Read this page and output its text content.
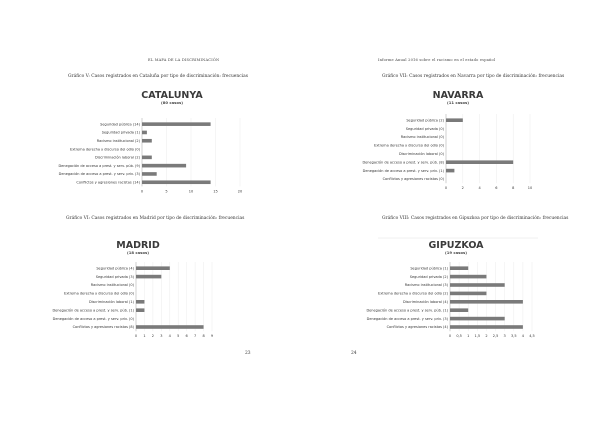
EL MAPA DE LA DISCRIMINACIÓN	Informe Anual 2016 sobre el racismo en el estado español
Gráfico V: Casos registrados en Cataluña por tipo de discriminación: frecuencias	Gráfico VII: Casos registrados en Navarra por tipo de discriminación: frecuencias
Gráfico VI: Casos registrados en Madrid por tipo de discriminación: frecuencias	Gráfico VIII: Casos registrados en Gipuzkoa por tipo de discriminación: frecuencias
CATALUNYA
(80 casos)
0	5	10	15	20
Seguridad pública (14)
Seguridad privada (1)
Racismo institucional (2)
Extrema derecha y discurso del odio (0)
Discriminación laboral (2)
Denegación de acceso a prest. y serv. púb. (9)
Denegación de acceso a prest. y serv. priv. (3)
Conflictos y agresiones racistas (14)
NAVARRA
(11 casos)
0	2	4	6	8	10
Seguridad pública (2)
Seguridad privada (0)
Racismo institucional (0)
Extrema derecha y discurso del odio (0)
Discriminación laboral (0)
Denegación de acceso a prest. y serv. púb. (8)
Denegación de acceso a prest. y serv. priv. (1)
Conflictos y agresiones racistas (0)
MADRID
(18 casos)
0 1 2 3 4 5 6 7 8 9
Seguridad pública (4)
Seguridad privada (3)
Racismo institucional (0)
Extrema derecha y discurso del odio (0)
Discriminación laboral (1)
Denegación de acceso a prest. y serv. púb. (1)
Denegación de acceso a prest. y serv. priv. (0)
Conflictos y agresiones racistas (8)
GIPUZKOA
(19 casos)
0 0,5 1 1,5 2 2,5 3 3,5 4 4,5
Seguridad pública (1)
Seguridad privada (2)
Racismo institucional (3)
Extrema derecha y discurso del odio (2)
Discriminación laboral (4)
Denegación de acceso a prest. y serv. púb. (1)
Denegación de acceso a prest. y serv. priv. (3)
Conflictos y agresiones racistas (4)
23	24
